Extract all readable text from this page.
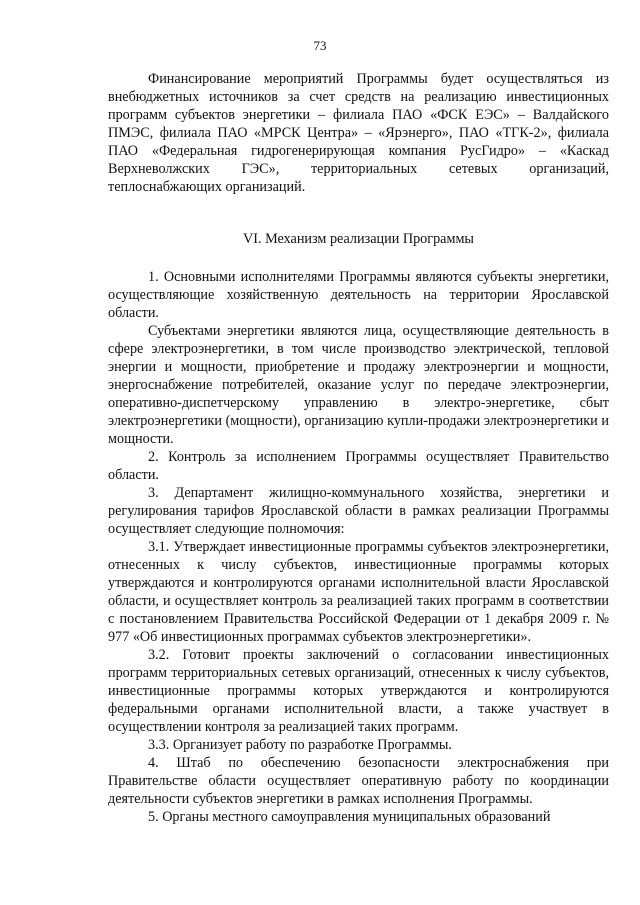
73

Финансирование мероприятий Программы будет осуществляться из внебюджетных источников за счет средств на реализацию инвестиционных программ субъектов энергетики – филиала ПАО «ФСК ЕЭС» – Валдайского ПМЭС, филиала ПАО «МРСК Центра» – «Ярэнерго», ПАО «ТГК-2», филиала ПАО «Федеральная гидрогенерирующая компания РусГидро» – «Каскад Верхневолжских ГЭС», территориальных сетевых организаций, теплоснабжающих организаций.

VI. Механизм реализации Программы

1. Основными исполнителями Программы являются субъекты энергетики, осуществляющие хозяйственную деятельность на территории Ярославской области.

Субъектами энергетики являются лица, осуществляющие деятельность в сфере электроэнергетики, в том числе производство электрической, тепловой энергии и мощности, приобретение и продажу электроэнергии и мощности, энергоснабжение потребителей, оказание услуг по передаче электроэнергии, оперативно-диспетчерскому управлению в электро-энергетике, сбыт электроэнергетики (мощности), организацию купли-продажи электроэнергетики и мощности.

2. Контроль за исполнением Программы осуществляет Правительство области.

3. Департамент жилищно-коммунального хозяйства, энергетики и регулирования тарифов Ярославской области в рамках реализации Программы осуществляет следующие полномочия:

3.1. Утверждает инвестиционные программы субъектов электроэнергетики, отнесенных к числу субъектов, инвестиционные программы которых утверждаются и контролируются органами исполнительной власти Ярославской области, и осуществляет контроль за реализацией таких программ в соответствии с постановлением Правительства Российской Федерации от 1 декабря 2009 г. № 977 «Об инвестиционных программах субъектов электроэнергетики».

3.2. Готовит проекты заключений о согласовании инвестиционных программ территориальных сетевых организаций, отнесенных к числу субъектов, инвестиционные программы которых утверждаются и контролируются федеральными органами исполнительной власти, а также участвует в осуществлении контроля за реализацией таких программ.

3.3. Организует работу по разработке Программы.

4. Штаб по обеспечению безопасности электроснабжения при Правительстве области осуществляет оперативную работу по координации деятельности субъектов энергетики в рамках исполнения Программы.

5. Органы местного самоуправления муниципальных образований
